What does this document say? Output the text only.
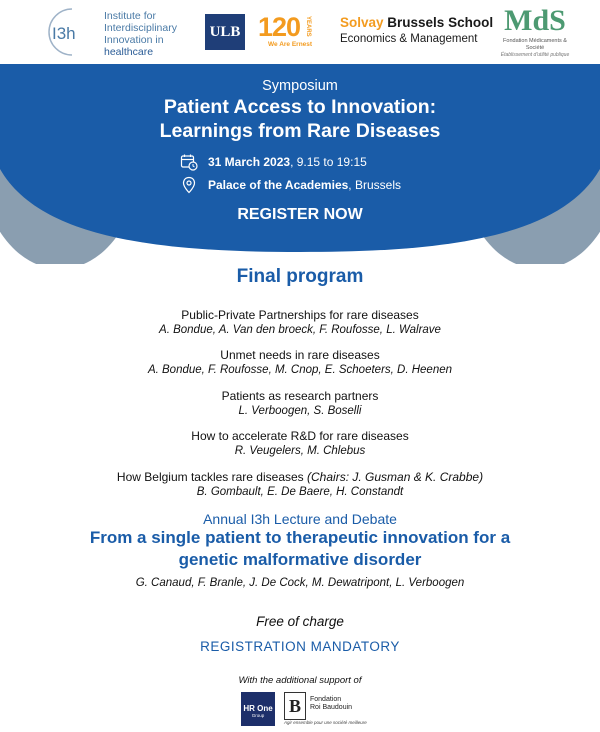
I3h
Institute for
Interdisciplinary
Innovation in
healthcare
ULB 120 YEARS
We Are Ernest
Solvay Brussels School
Economics & Management
MdS
Fondation Médicaments & Société
Établissement d'utilité publique
Symposium
Patient Access to Innovation:
Learnings from Rare Diseases
31 March 2023, 9.15 to 19:15
Palace of the Academies, Brussels
REGISTER NOW
Final program
Public-Private Partnerships for rare diseases
A. Bondue, A. Van den broeck, F. Roufosse, L. Walrave
Unmet needs in rare diseases
A. Bondue, F. Roufosse, M. Cnop, E. Schoeters, D. Heenen
Patients as research partners
L. Verboogen, S. Boselli
How to accelerate R&D for rare diseases
R. Veugelers, M. Chlebus
How Belgium tackles rare diseases (Chairs: J. Gusman & K. Crabbe)
B. Gombault, E. De Baere, H. Constandt
Annual I3h Lecture and Debate
From a single patient to therapeutic innovation for a
genetic malformative disorder
G. Canaud, F. Branle, J. De Cock, M. Dewatripont, L. Verboogen
Free of charge
REGISTRATION MANDATORY
With the additional support of
HR One
Group	B	Fondation
Roi Baudouin
Agir ensemble pour une société meilleure
